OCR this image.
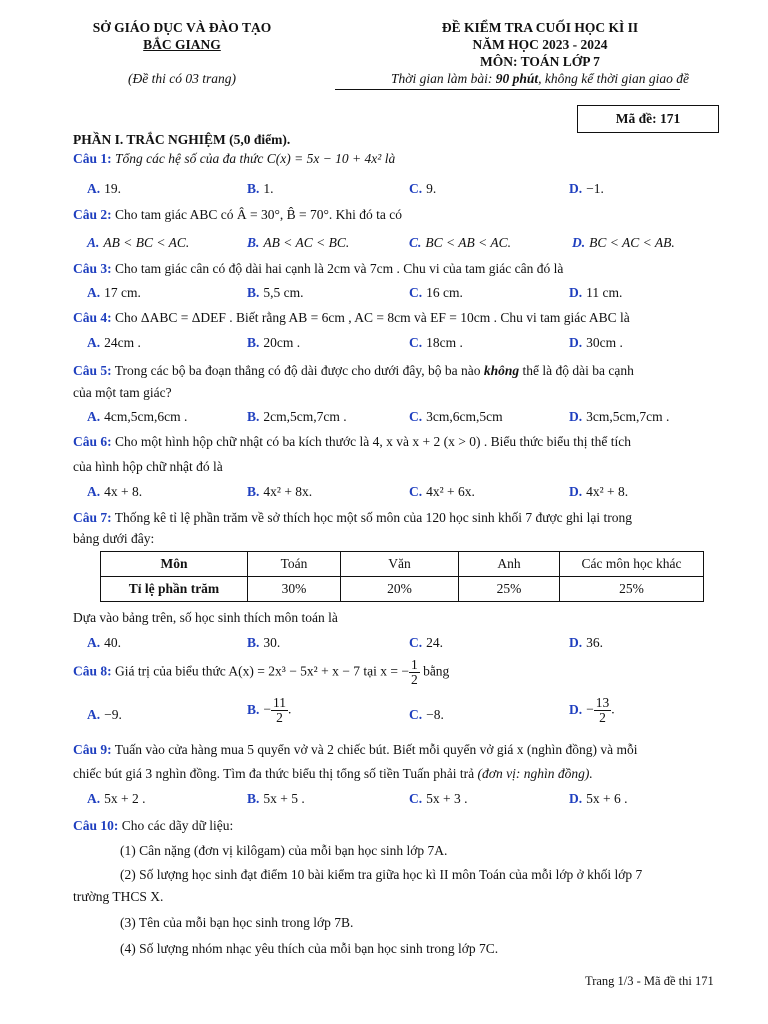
SỞ GIÁO DỤC VÀ ĐÀO TẠO
BẮC GIANG
(Đề thi có 03 trang)
ĐỀ KIỂM TRA CUỐI HỌC KÌ II
NĂM HỌC 2023 - 2024
MÔN: TOÁN LỚP 7
Thời gian làm bài: 90 phút, không kể thời gian giao đề
Mã đề: 171
PHẦN I. TRẮC NGHIỆM (5,0 điểm).
Câu 1: Tổng các hệ số của đa thức C(x) = 5x − 10 + 4x² là
A. 19.	B. 1.	C. 9.	D. −1.
Câu 2: Cho tam giác ABC có Â = 30°, B̂ = 70°. Khi đó ta có
A. AB < BC < AC.	B. AB < AC < BC.	C. BC < AB < AC.	D. BC < AC < AB.
Câu 3: Cho tam giác cân có độ dài hai cạnh là 2cm và 7cm . Chu vi của tam giác cân đó là
A. 17 cm.	B. 5,5 cm.	C. 16 cm.	D. 11 cm.
Câu 4: Cho ΔABC = ΔDEF . Biết rằng AB = 6cm , AC = 8cm và EF = 10cm . Chu vi tam giác ABC là
A. 24cm .	B. 20cm .	C. 18cm .	D. 30cm .
Câu 5: Trong các bộ ba đoạn thẳng có độ dài được cho dưới đây, bộ ba nào không thể là độ dài ba cạnh
của một tam giác?
A. 4cm,5cm,6cm .	B. 2cm,5cm,7cm .	C. 3cm,6cm,5cm	D. 3cm,5cm,7cm .
Câu 6: Cho một hình hộp chữ nhật có ba kích thước là 4, x và x + 2 (x > 0) . Biểu thức biểu thị thể tích
của hình hộp chữ nhật đó là
A. 4x + 8.	B. 4x² + 8x.	C. 4x² + 6x.	D. 4x² + 8.
Câu 7: Thống kê tỉ lệ phần trăm về sở thích học một số môn của 120 học sinh khối 7 được ghi lại trong
bảng dưới đây:
Môn	Toán	Văn	Anh	Các môn học khác
Tỉ lệ phần trăm	30%	20%	25%	25%
Dựa vào bảng trên, số học sinh thích môn toán là
A. 40.	B. 30.	C. 24.	D. 36.
Câu 8: Giá trị của biểu thức A(x) = 2x³ − 5x² + x − 7 tại x = − $\frac{1}{2}$ bằng
A. −9.	B. − $\frac{11}{2}$ .	C. −8.	D. − $\frac{13}{2}$ .
Câu 9: Tuấn vào cửa hàng mua 5 quyển vở và 2 chiếc bút. Biết mỗi quyển vở giá x (nghìn đồng) và mỗi
chiếc bút giá 3 nghìn đồng. Tìm đa thức biểu thị tổng số tiền Tuấn phải trả (đơn vị: nghìn đồng).
A. 5x + 2 .	B. 5x + 5 .	C. 5x + 3 .	D. 5x + 6 .
Câu 10: Cho các dãy dữ liệu:
(1) Cân nặng (đơn vị kilôgam) của mỗi bạn học sinh lớp 7A.
(2) Số lượng học sinh đạt điểm 10 bài kiểm tra giữa học kì II môn Toán của mỗi lớp ở khối lớp 7
trường THCS X.
(3) Tên của mỗi bạn học sinh trong lớp 7B.
(4) Số lượng nhóm nhạc yêu thích của mỗi bạn học sinh trong lớp 7C.
Trang 1/3 - Mã đề thi 171
